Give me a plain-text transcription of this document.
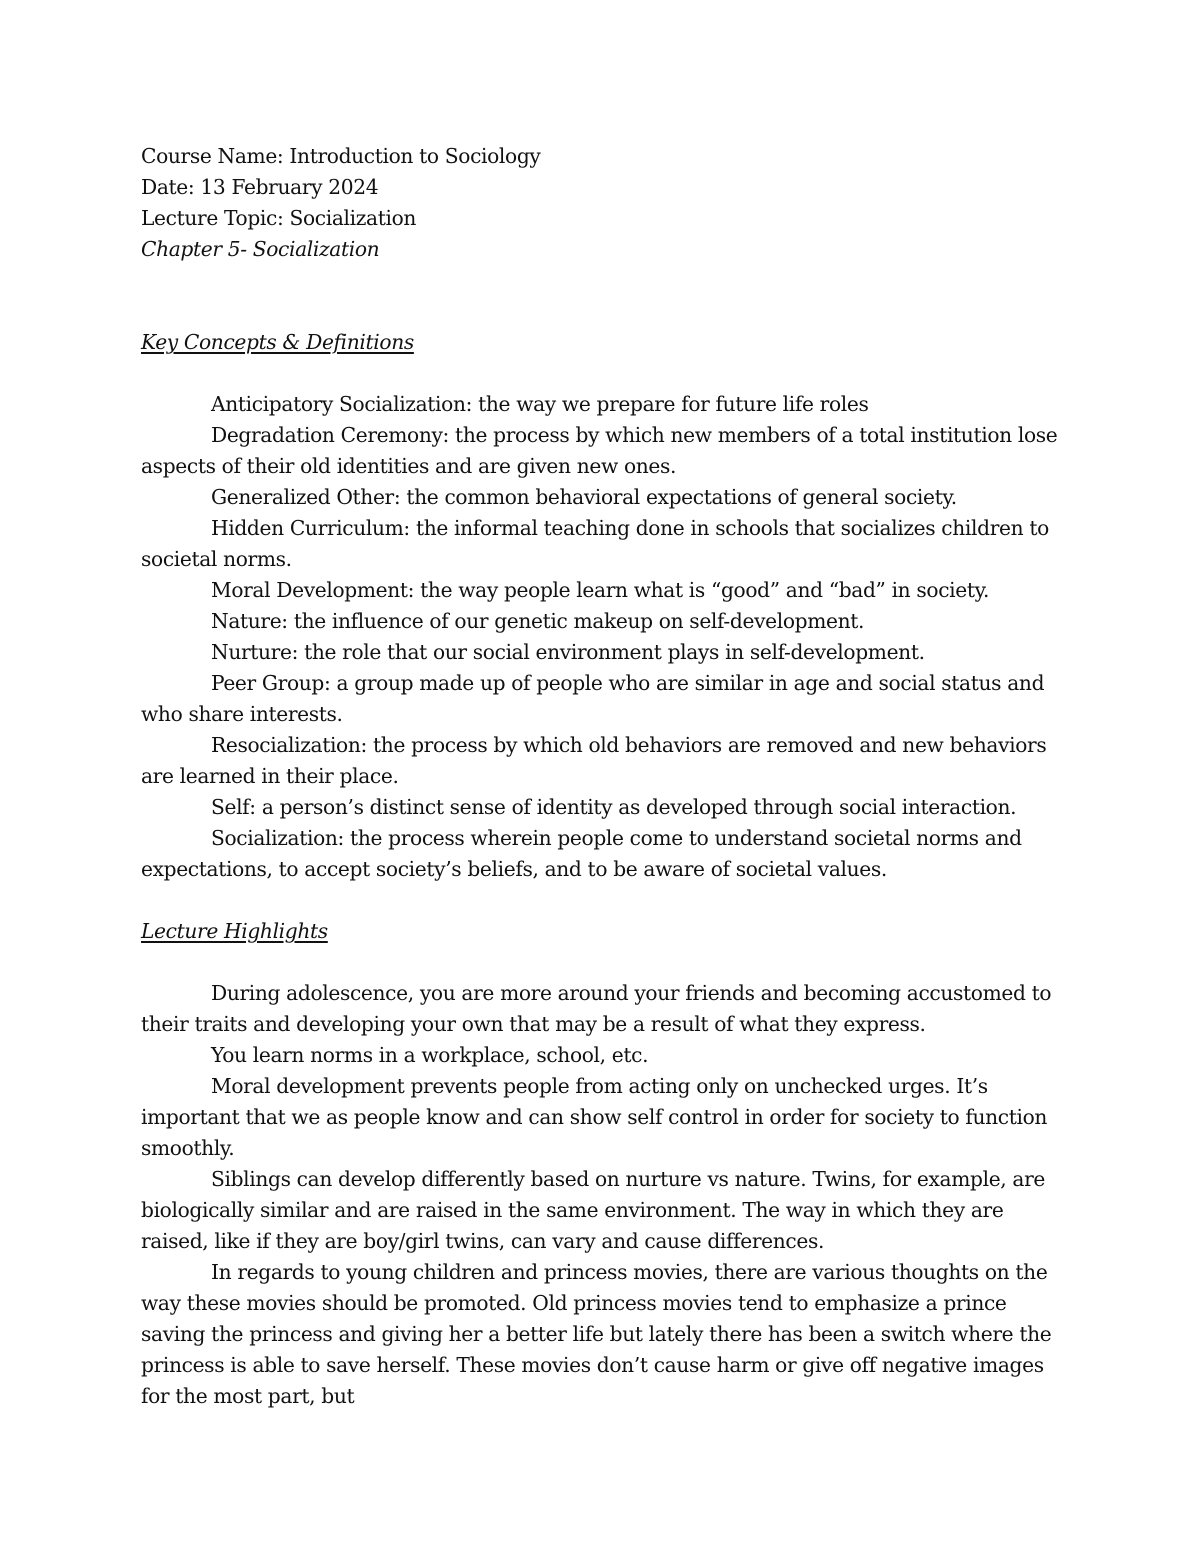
Course Name: Introduction to Sociology
Date: 13 February 2024
Lecture Topic: Socialization
Chapter 5- Socialization
Key Concepts & Definitions

Anticipatory Socialization: the way we prepare for future life roles

Degradation Ceremony: the process by which new members of a total institution lose aspects of their old identities and are given new ones.

Generalized Other: the common behavioral expectations of general society.

Hidden Curriculum: the informal teaching done in schools that socializes children to societal norms.

Moral Development: the way people learn what is “good” and “bad” in society.

Nature: the influence of our genetic makeup on self-development.

Nurture: the role that our social environment plays in self-development.

Peer Group: a group made up of people who are similar in age and social status and who share interests.

Resocialization: the process by which old behaviors are removed and new behaviors are learned in their place.

Self: a person’s distinct sense of identity as developed through social interaction.

Socialization: the process wherein people come to understand societal norms and expectations, to accept society’s beliefs, and to be aware of societal values.

Lecture Highlights

During adolescence, you are more around your friends and becoming accustomed to their traits and developing your own that may be a result of what they express.

You learn norms in a workplace, school, etc.

Moral development prevents people from acting only on unchecked urges. It’s important that we as people know and can show self control in order for society to function smoothly.

Siblings can develop differently based on nurture vs nature. Twins, for example, are biologically similar and are raised in the same environment. The way in which they are raised, like if they are boy/girl twins, can vary and cause differences.

In regards to young children and princess movies, there are various thoughts on the way these movies should be promoted. Old princess movies tend to emphasize a prince saving the princess and giving her a better life but lately there has been a switch where the princess is able to save herself. These movies don’t cause harm or give off negative images for the most part, but
